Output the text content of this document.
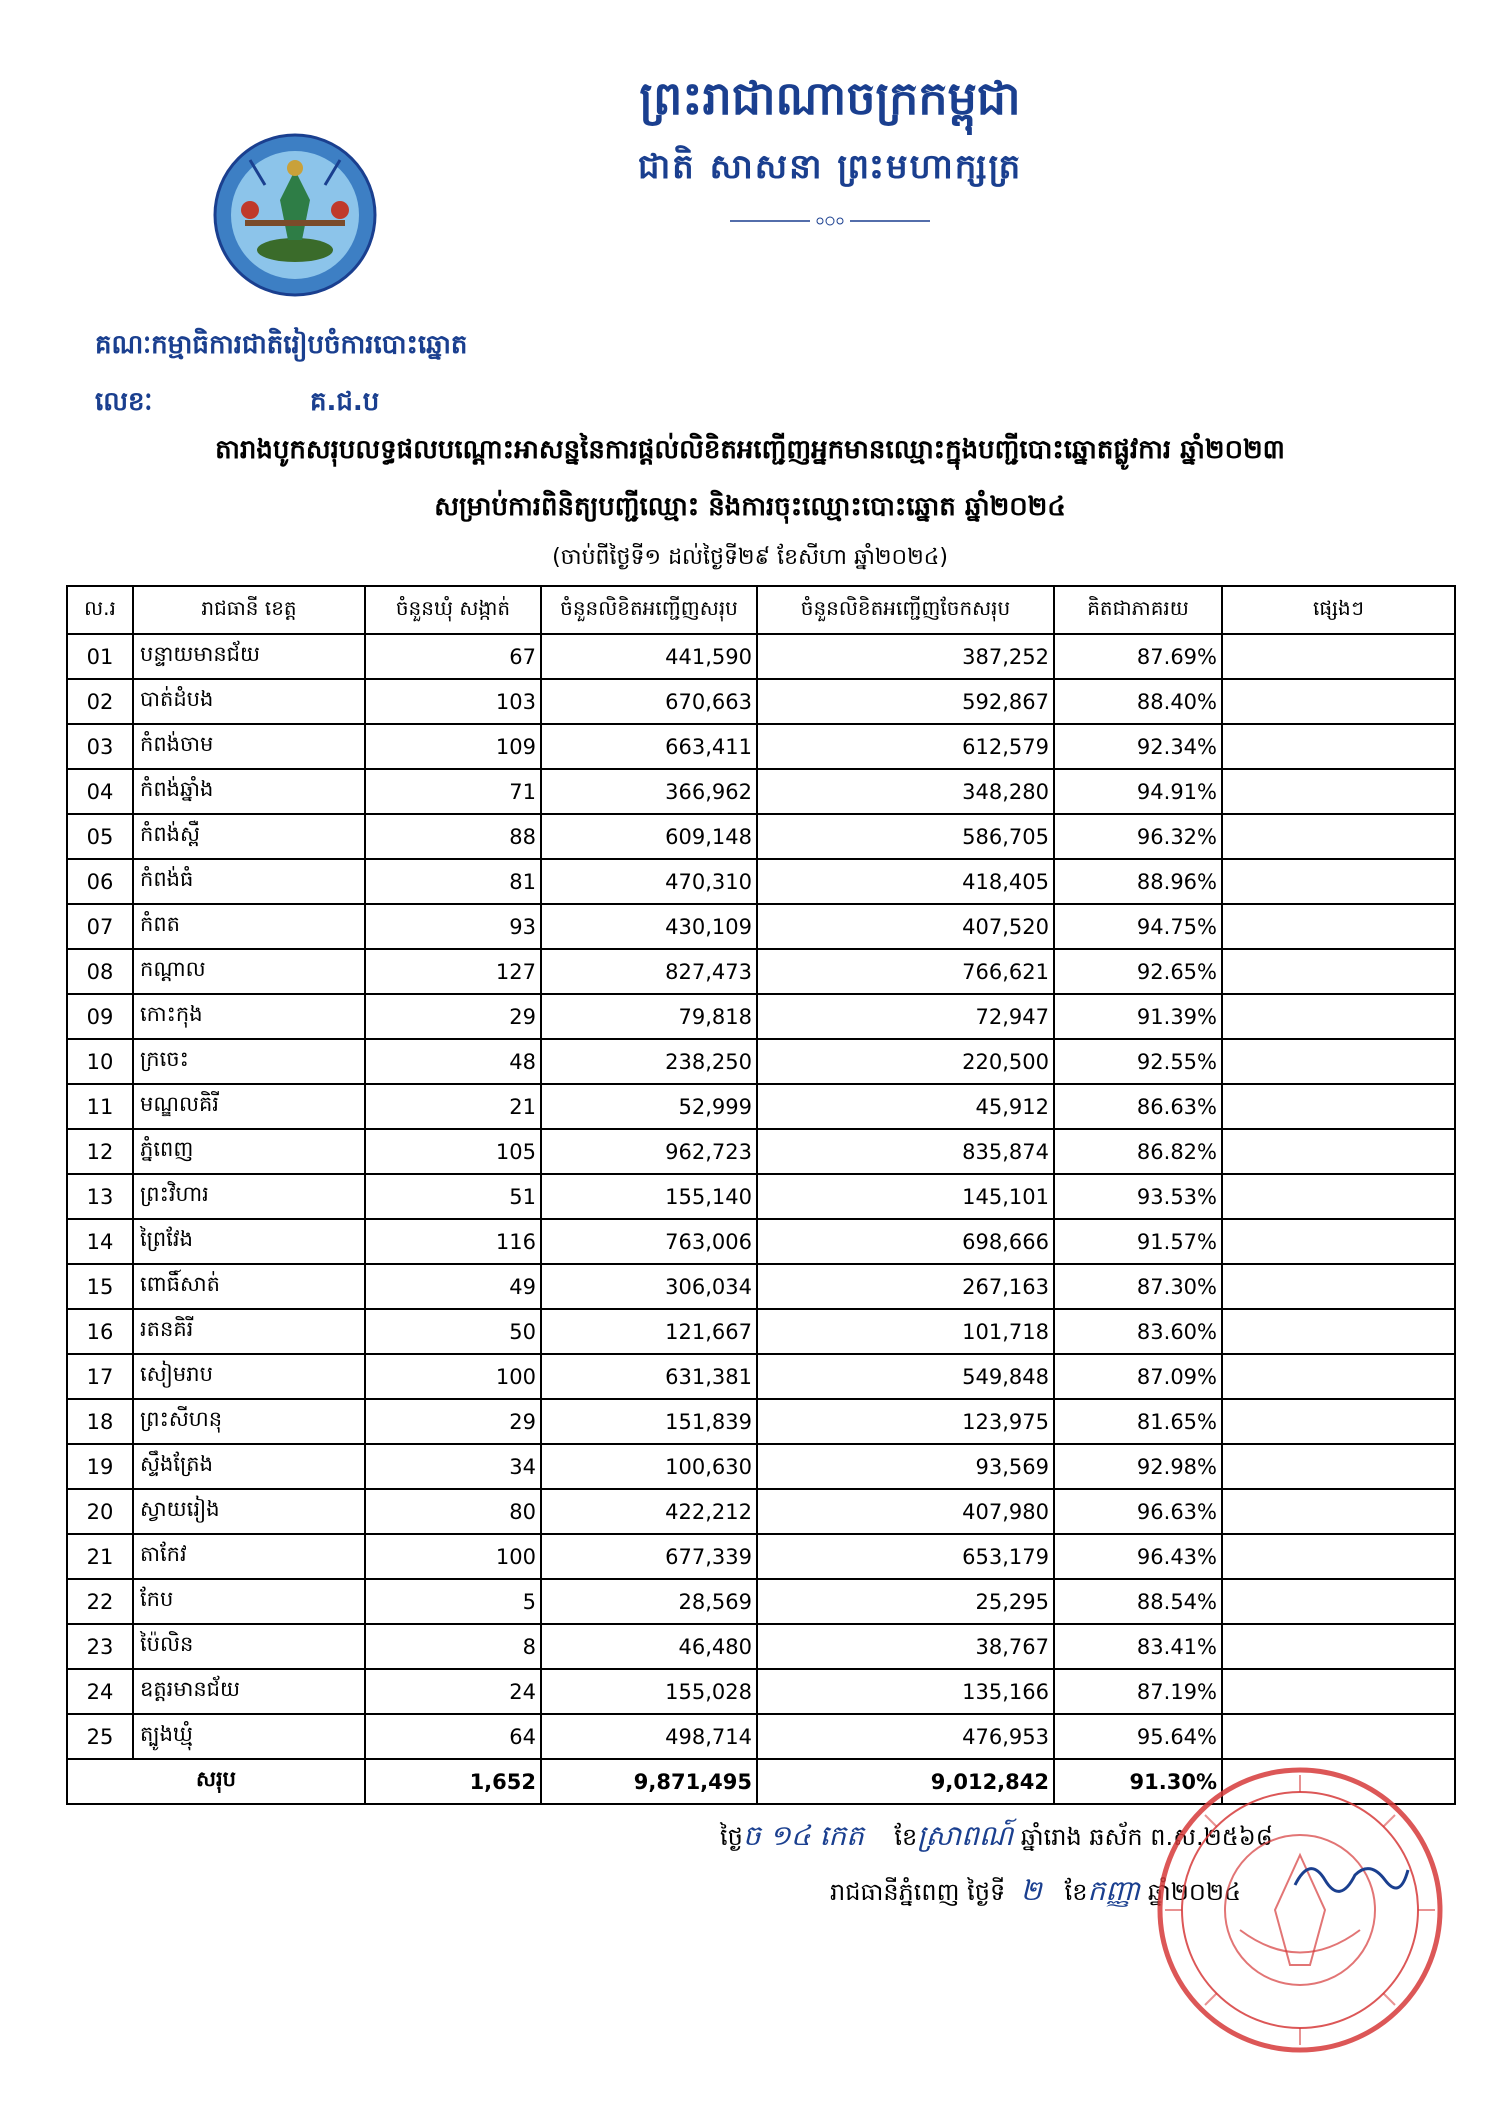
ព្រះរាជាណាចក្រកម្ពុជា
ជាតិ សាសនា ព្រះមហាក្សត្រ
គណៈកម្មាធិការជាតិរៀបចំការបោះឆ្នោត
លេខៈ	គ.ជ.ប
តារាងបូកសរុបលទ្ធផលបណ្ដោះអាសន្ននៃការផ្ដល់លិខិតអញ្ជើញអ្នកមានឈ្មោះក្នុងបញ្ជីបោះឆ្នោតផ្លូវការ ឆ្នាំ២០២៣
សម្រាប់ការពិនិត្យបញ្ជីឈ្មោះ និងការចុះឈ្មោះបោះឆ្នោត ឆ្នាំ២០២៤
(ចាប់ពីថ្ងៃទី១ ដល់ថ្ងៃទី២៩ ខែសីហា ឆ្នាំ២០២៤)
ល.រ	រាជធានី ខេត្ត	ចំនួនឃុំ សង្កាត់	ចំនួនលិខិតអញ្ជើញសរុប	ចំនួនលិខិតអញ្ជើញចែកសរុប	គិតជាភាគរយ	ផ្សេងៗ
01	បន្ទាយមានជ័យ	67	441,590	387,252	87.69%	
02	បាត់ដំបង	103	670,663	592,867	88.40%	
03	កំពង់ចាម	109	663,411	612,579	92.34%	
04	កំពង់ឆ្នាំង	71	366,962	348,280	94.91%	
05	កំពង់ស្ពឺ	88	609,148	586,705	96.32%	
06	កំពង់ធំ	81	470,310	418,405	88.96%	
07	កំពត	93	430,109	407,520	94.75%	
08	កណ្ដាល	127	827,473	766,621	92.65%	
09	កោះកុង	29	79,818	72,947	91.39%	
10	ក្រចេះ	48	238,250	220,500	92.55%	
11	មណ្ឌលគិរី	21	52,999	45,912	86.63%	
12	ភ្នំពេញ	105	962,723	835,874	86.82%	
13	ព្រះវិហារ	51	155,140	145,101	93.53%	
14	ព្រៃវែង	116	763,006	698,666	91.57%	
15	ពោធិ៍សាត់	49	306,034	267,163	87.30%	
16	រតនគិរី	50	121,667	101,718	83.60%	
17	សៀមរាប	100	631,381	549,848	87.09%	
18	ព្រះសីហនុ	29	151,839	123,975	81.65%	
19	ស្ទឹងត្រែង	34	100,630	93,569	92.98%	
20	ស្វាយរៀង	80	422,212	407,980	96.63%	
21	តាកែវ	100	677,339	653,179	96.43%	
22	កែប	5	28,569	25,295	88.54%	
23	ប៉ៃលិន	8	46,480	38,767	83.41%	
24	ឧត្ដរមានជ័យ	24	155,028	135,166	87.19%	
25	ត្បូងឃ្មុំ	64	498,714	476,953	95.64%	
សរុប		1,652	9,871,495	9,012,842	91.30%	
ថ្ងៃច ១៤ កេត ខែស្រាពណ៍ ឆ្នាំរោង ឆស័ក ព.ស.២៥៦៨
រាជធានីភ្នំពេញ ថ្ងៃទី ២ ខែកញ្ញា ឆ្នាំ២០២៤
